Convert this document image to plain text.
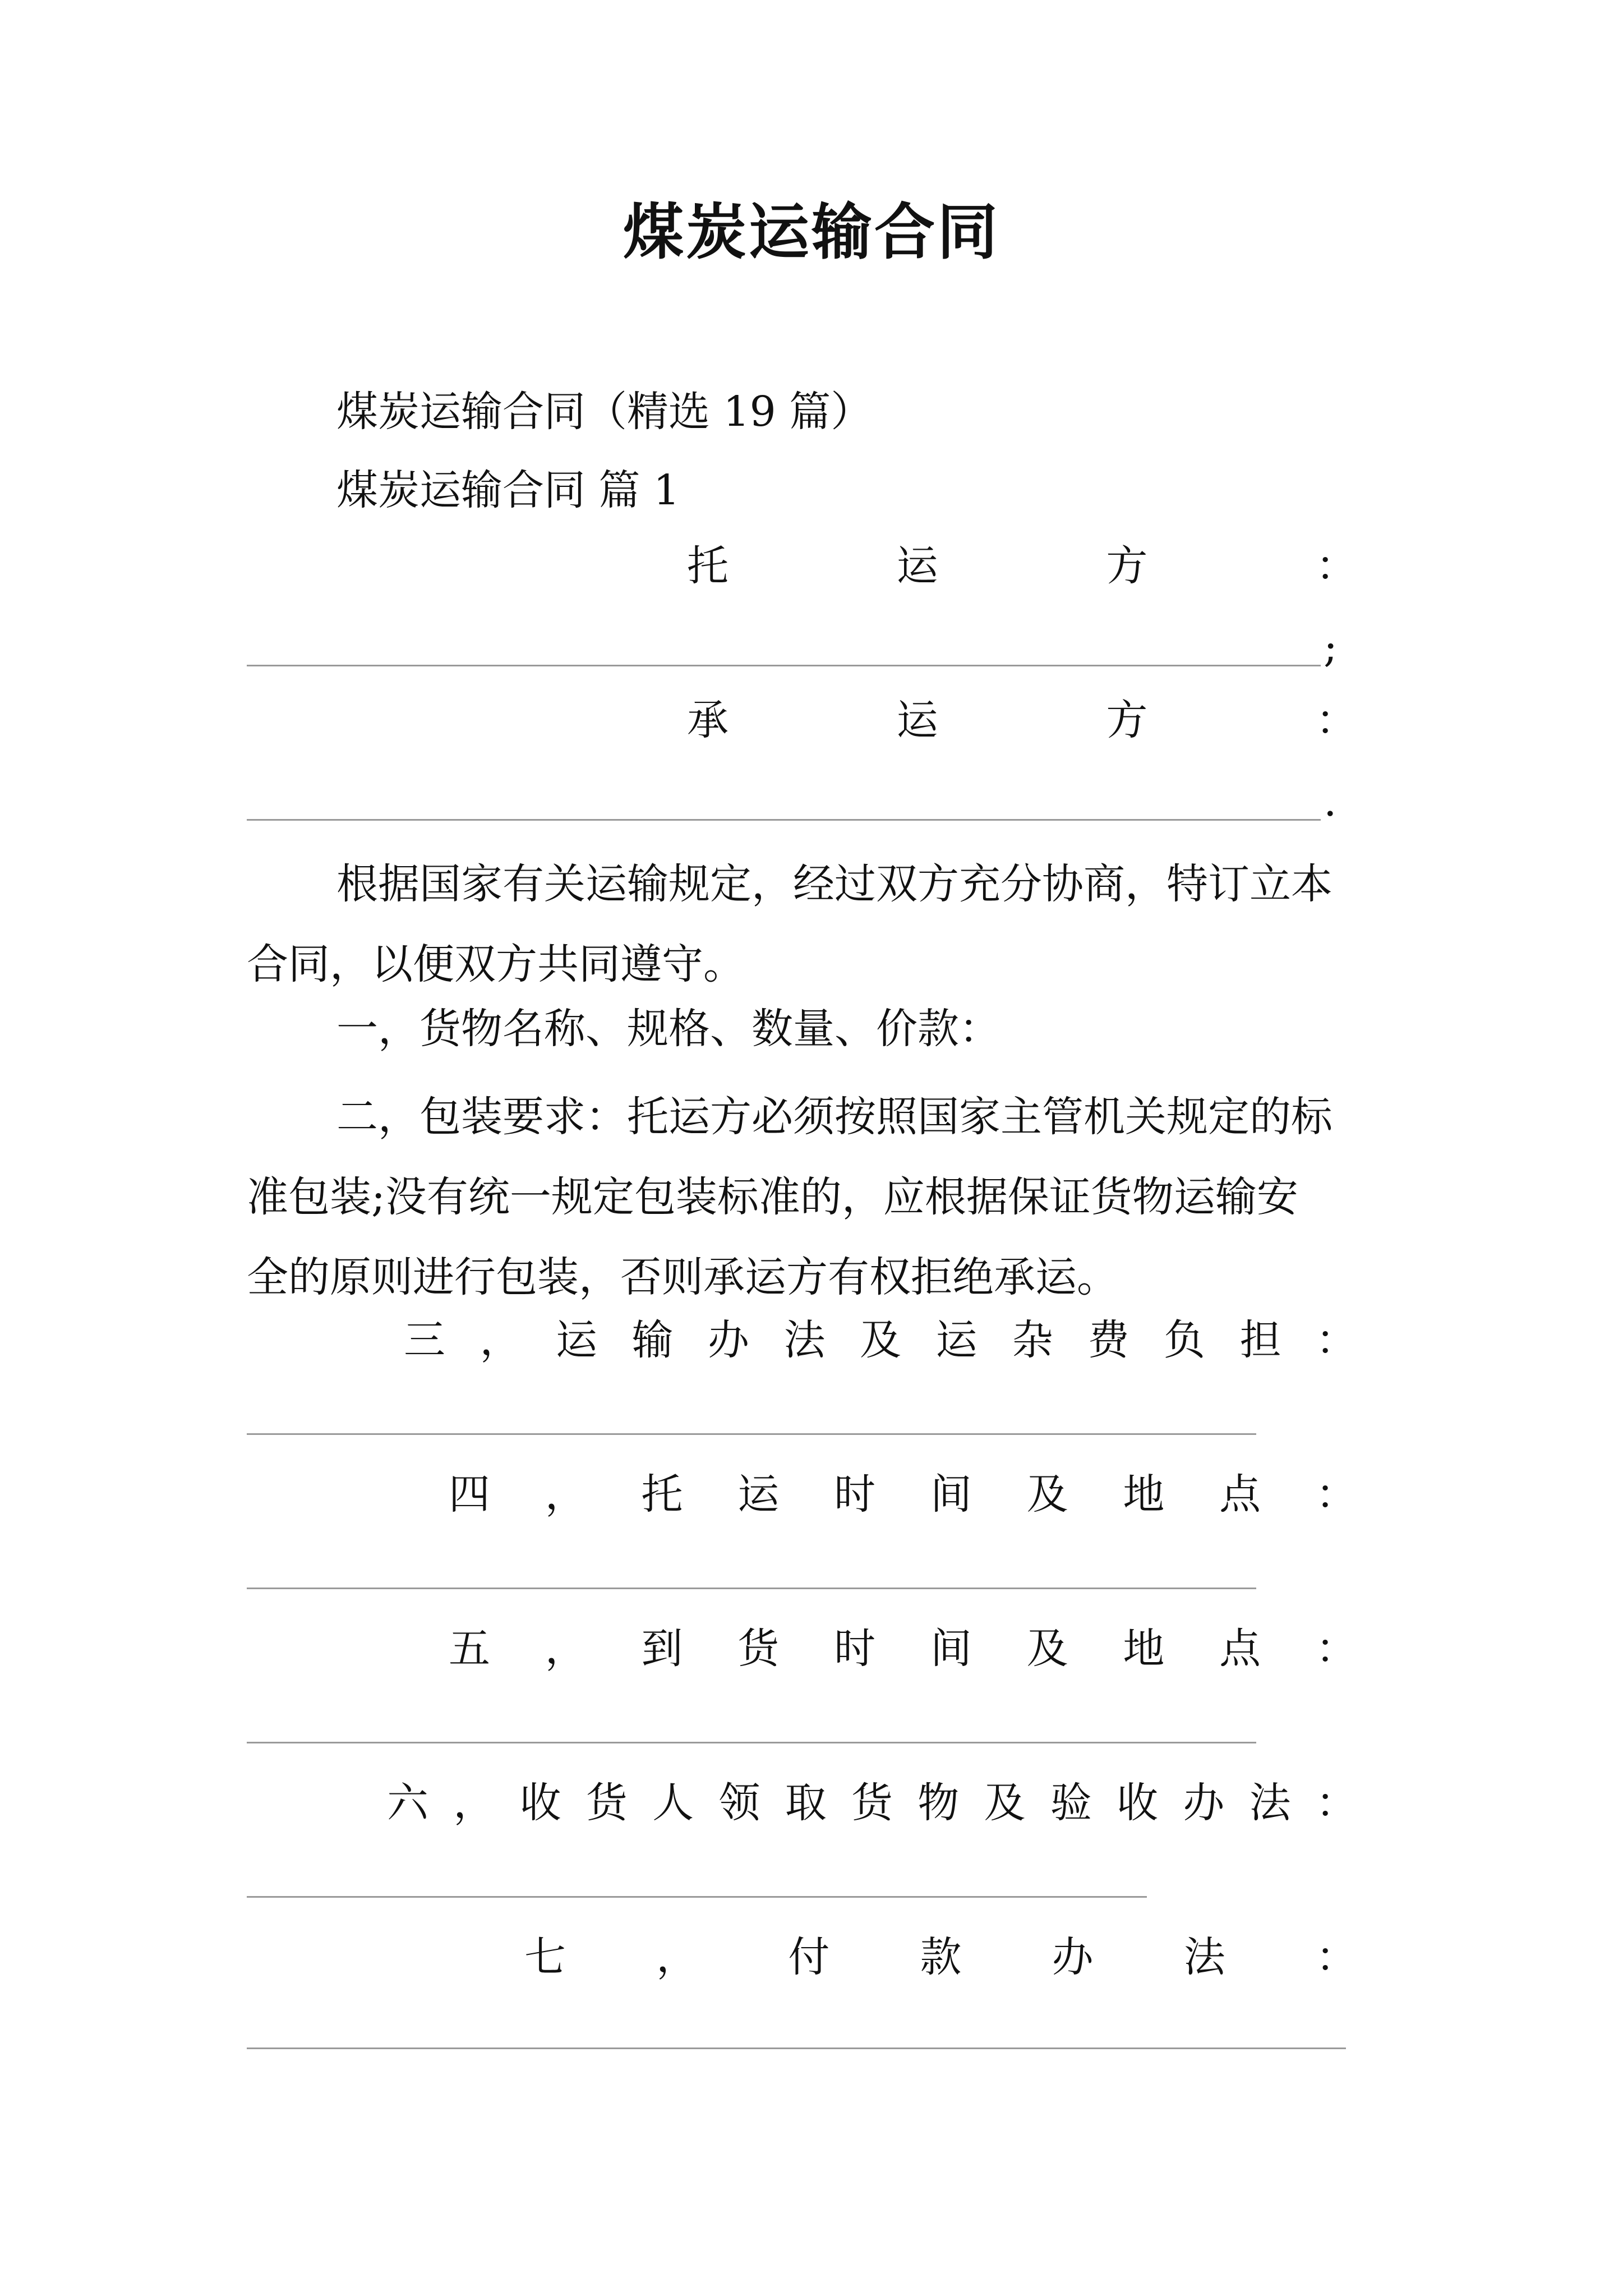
煤炭运输合同
煤炭运输合同（精选 19 篇）
煤炭运输合同 篇 1
托	运	方	：
;
承	运	方	：
.
根据国家有关运输规定，经过双方充分协商，特订立本
合同，以便双方共同遵守。
一，货物名称、规格、数量、价款：
二，包装要求：托运方必须按照国家主管机关规定的标
准包装;没有统一规定包装标准的，应根据保证货物运输安
全的原则进行包装，否则承运方有权拒绝承运。
三 ， 运 输 办 法 及 运 杂 费 负 担 ：
四 ， 托 运 时 间 及 地 点 ：
五 ， 到 货 时 间 及 地 点 ：
六 ， 收 货 人 领 取 货 物 及 验 收 办 法 ：
七 ， 付 款 办 法 ：
